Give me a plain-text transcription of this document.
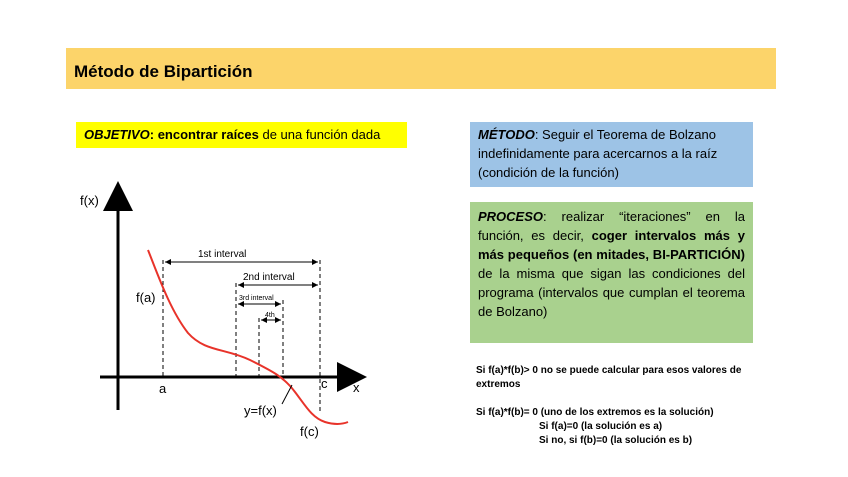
Método de Bipartición
OBJETIVO: encontrar raíces de una función dada	MÉTODO: Seguir el Teorema de Bolzano indefinidamente para acercarnos a la raíz (condición de la función)
PROCESO: realizar “iteraciones” en la función, es decir, coger intervalos más y más pequeños (en mitades, BI-PARTICIÓN) de la misma que sigan las condiciones del programa (intervalos que cumplan el teorema de Bolzano)

Si f(a)*f(b)> 0 no se puede calcular para esos valores de extremos

Si f(a)*f(b)= 0 (uno de los extremos es la solución)

Si f(a)=0 (la solución es a)

Si no, si f(b)=0 (la solución es b)

1st interval
2nd interval
3rd interval
4th
f(x)
x
a	c
f(a)
f(c)
y=f(x)
